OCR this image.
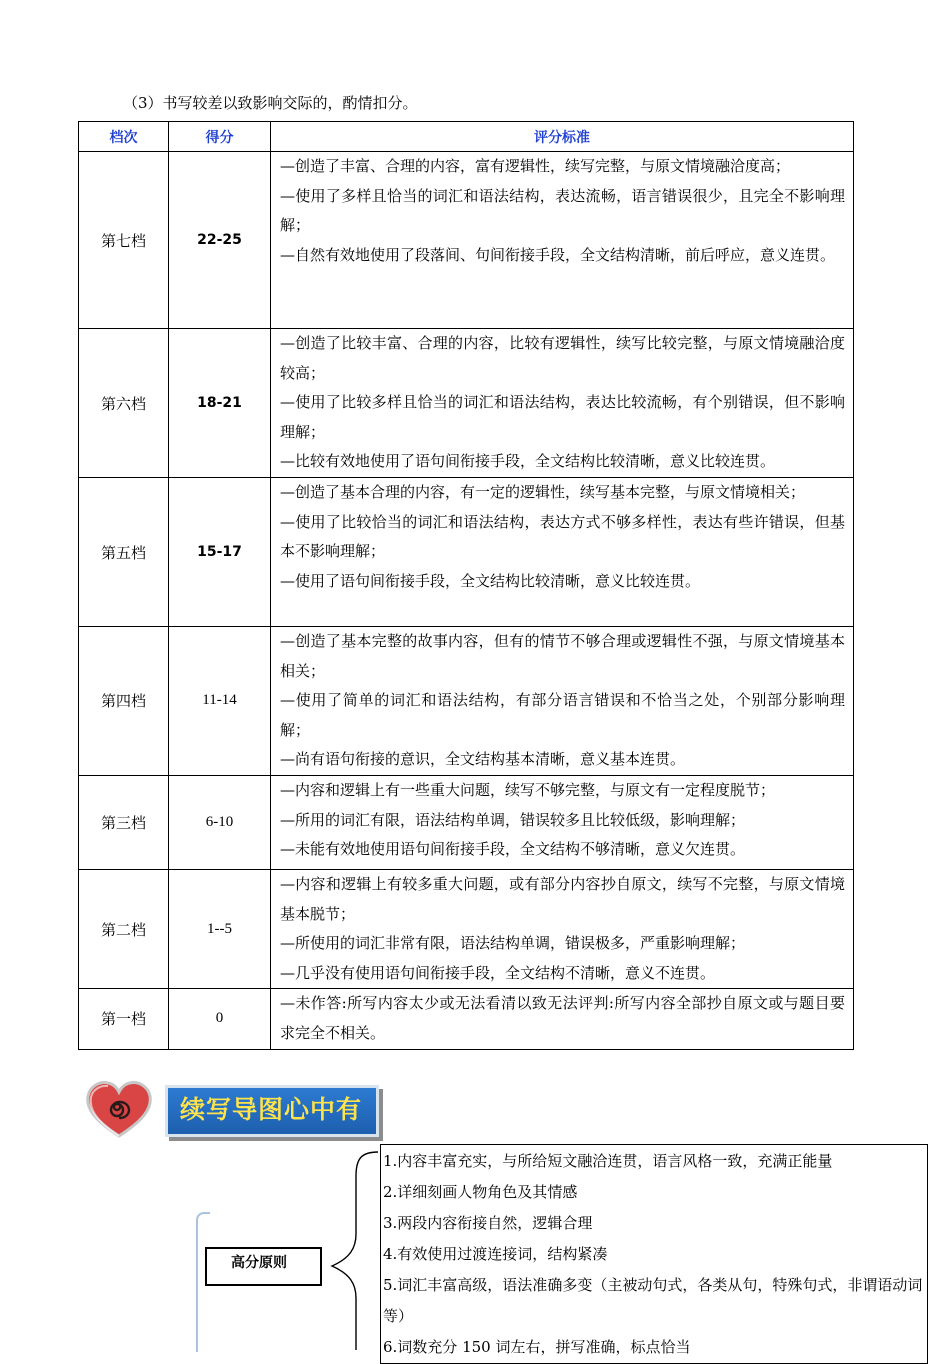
（3）书写较差以致影响交际的，酌情扣分。
档次	得分	评分标准
第七档	22-25	—创造了丰富、合理的内容，富有逻辑性，续写完整，与原文情境融洽度高；
—使用了多样且恰当的词汇和语法结构，表达流畅，语言错误很少，且完全不影响理解；
—自然有效地使用了段落间、句间衔接手段，全文结构清晰，前后呼应，意义连贯。

第六档	18-21	—创造了比较丰富、合理的内容，比较有逻辑性，续写比较完整，与原文情境融洽度较高；
—使用了比较多样且恰当的词汇和语法结构，表达比较流畅，有个别错误，但不影响理解；
—比较有效地使用了语句间衔接手段，全文结构比较清晰，意义比较连贯。

第五档	15-17	—创造了基本合理的内容，有一定的逻辑性，续写基本完整，与原文情境相关；
—使用了比较恰当的词汇和语法结构，表达方式不够多样性，表达有些许错误，但基本不影响理解；
—使用了语句间衔接手段，全文结构比较清晰，意义比较连贯。

第四档	11-14	—创造了基本完整的故事内容，但有的情节不够合理或逻辑性不强，与原文情境基本相关；
—使用了简单的词汇和语法结构，有部分语言错误和不恰当之处，个别部分影响理解；
—尚有语句衔接的意识，全文结构基本清晰，意义基本连贯。

第三档	6-10	—内容和逻辑上有一些重大问题，续写不够完整，与原文有一定程度脱节；
—所用的词汇有限，语法结构单调，错误较多且比较低级，影响理解；
—未能有效地使用语句间衔接手段，全文结构不够清晰，意义欠连贯。

第二档	1--5	—内容和逻辑上有较多重大问题，或有部分内容抄自原文，续写不完整，与原文情境基本脱节；
—所使用的词汇非常有限，语法结构单调，错误极多，严重影响理解；
—几乎没有使用语句间衔接手段，全文结构不清晰，意义不连贯。

第一档	0	—未作答:所写内容太少或无法看清以致无法评判:所写内容全部抄自原文或与题目要求完全不相关。
续写导图心中有
高分原则
1.内容丰富充实，与所给短文融洽连贯，语言风格一致，充满正能量
2.详细刻画人物角色及其情感
3.两段内容衔接自然，逻辑合理
4.有效使用过渡连接词，结构紧凑
5.词汇丰富高级，语法准确多变（主被动句式，各类从句，特殊句式，非谓语动词等）
6.词数充分 150 词左右，拼写准确，标点恰当
